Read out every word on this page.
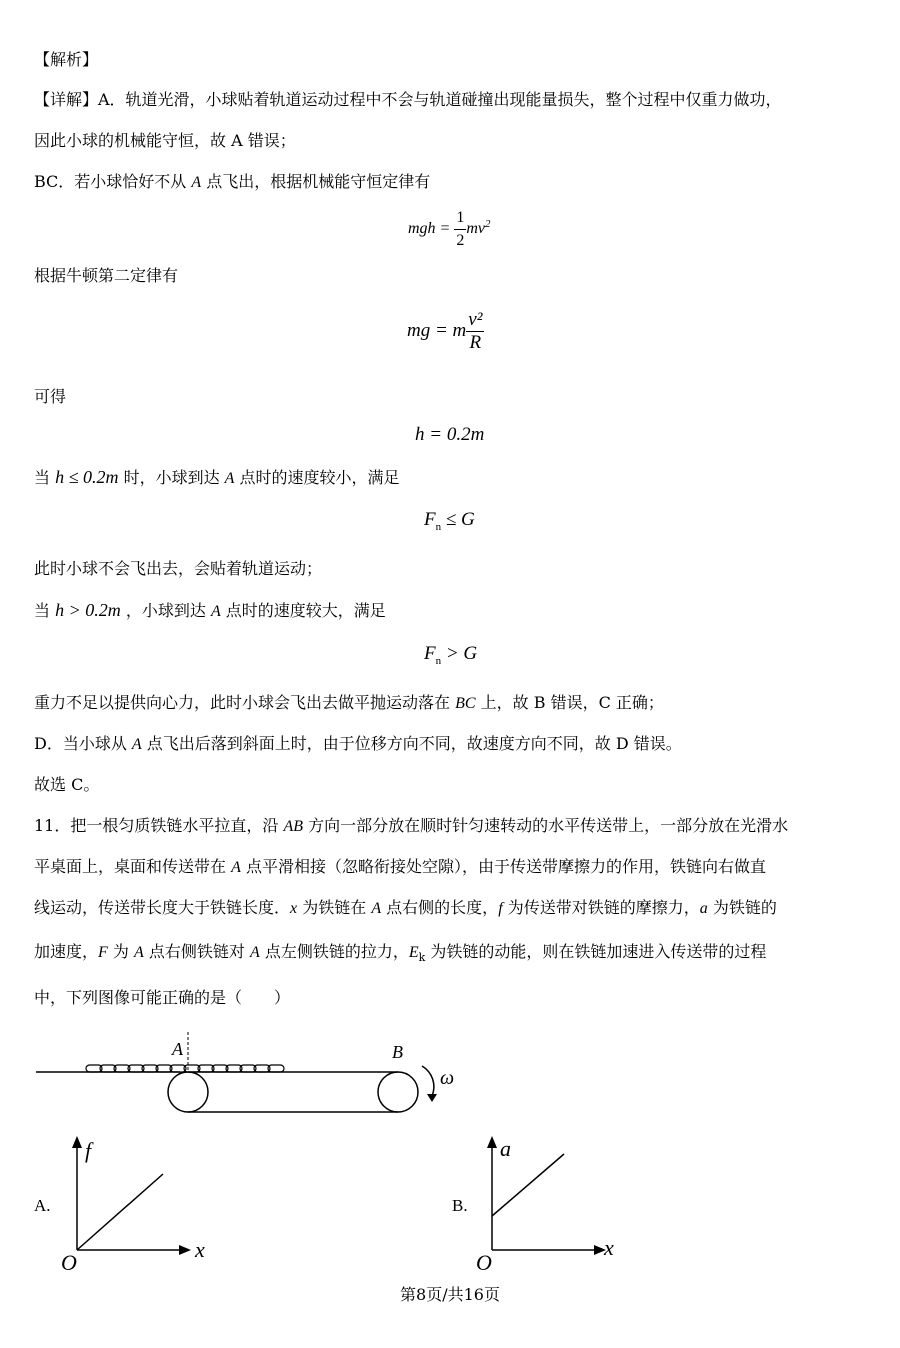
【解析】
【详解】A．轨道光滑，小球贴着轨道运动过程中不会与轨道碰撞出现能量损失，整个过程中仅重力做功，
因此小球的机械能守恒，故 A 错误；
BC．若小球恰好不从 A 点飞出，根据机械能守恒定律有
mgh = $\frac{1}{2} mv^2$
根据牛顿第二定律有
mg = m $\frac{\text{v²}}{R}$
可得
h = 0.2m
当 h ≤ 0.2m 时，小球到达 A 点时的速度较小，满足
$F_n \le G$
此时小球不会飞出去，会贴着轨道运动；
当 h > 0.2m ，小球到达 A 点时的速度较大，满足
$F_n > G$
重力不足以提供向心力，此时小球会飞出去做平抛运动落在 BC 上，故 B 错误，C 正确；
D．当小球从 A 点飞出后落到斜面上时，由于位移方向不同，故速度方向不同，故 D 错误。
故选 C。
11．把一根匀质铁链水平拉直，沿 AB 方向一部分放在顺时针匀速转动的水平传送带上，一部分放在光滑水
平桌面上，桌面和传送带在 A 点平滑相接（忽略衔接处空隙），由于传送带摩擦力的作用，铁链向右做直
线运动，传送带长度大于铁链长度．x 为铁链在 A 点右侧的长度，f 为传送带对铁链的摩擦力，a 为铁链的
加速度，F 为 A 点右侧铁链对 A 点左侧铁链的拉力，$E_k$ 为铁链的动能，则在铁链加速进入传送带的过程
中，下列图像可能正确的是（　　）
A	B
ω
A.
f
x
O
B.
a
x
O
第8页/共16页
